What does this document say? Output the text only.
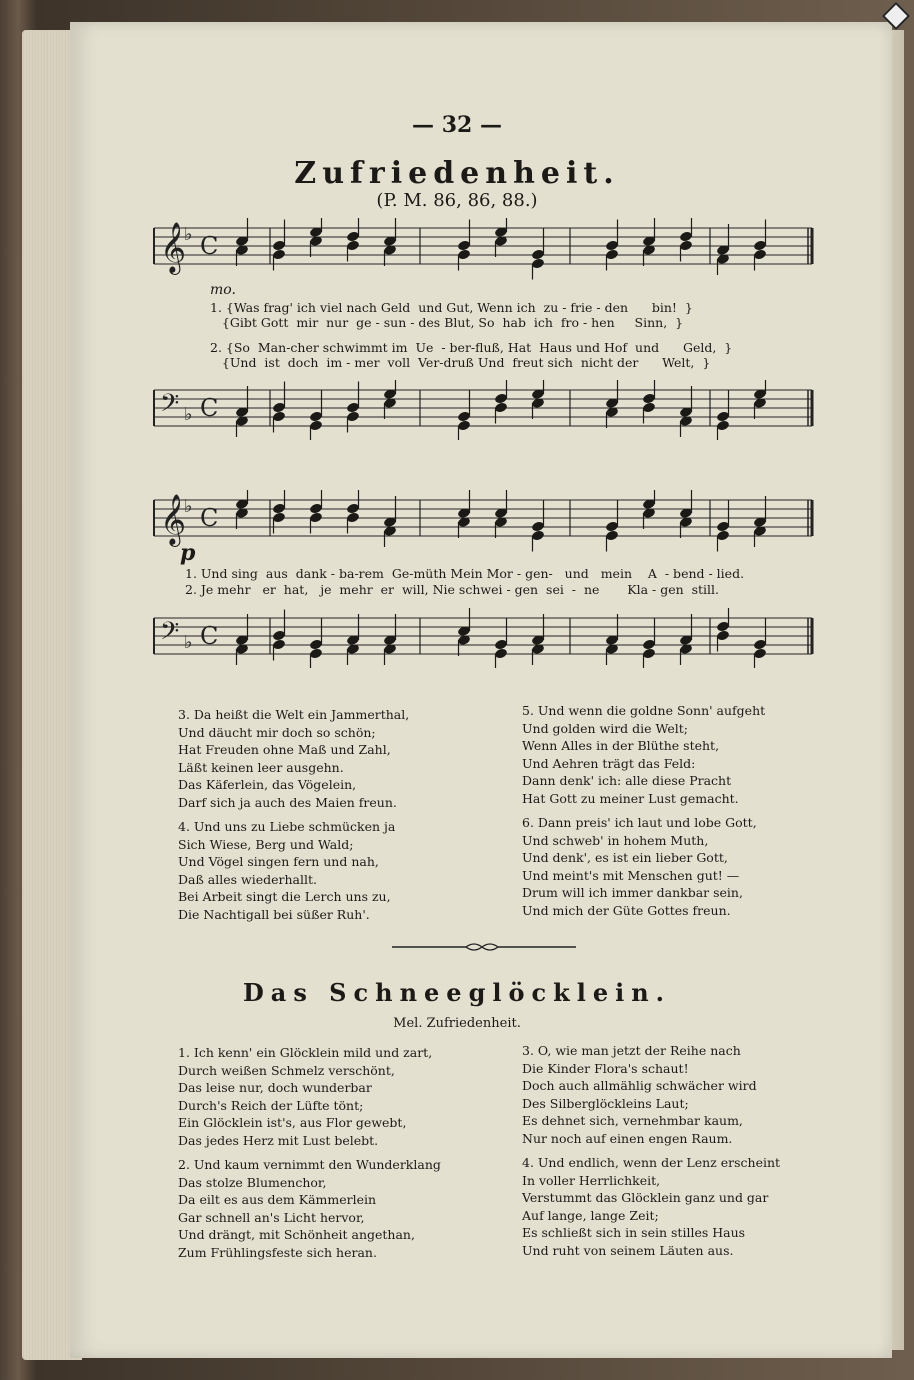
— 32 —
Zufriedenheit.
(P. M. 86, 86, 88.)
𝄞
♭ C
mo.
1. {Was frag' ich viel nach Geld  und Gut, Wenn ich  zu - frie - den      bin!  }
{Gibt Gott  mir  nur  ge - sun - des Blut, So  hab  ich  fro - hen     Sinn,  }
2. {So  Man-cher schwimmt im  Ue  - ber-fluß, Hat  Haus und Hof  und      Geld,  }
{Und  ist  doch  im - mer  voll  Ver-druß Und  freut sich  nicht der      Welt,  }
𝄢 ♭ C
𝄞
♭ C
p
1. Und sing  aus  dank - ba-rem  Ge-müth Mein Mor - gen-   und   mein    A  - bend - lied.
2. Je mehr   er  hat,   je  mehr  er  will, Nie schwei - gen  sei  -  ne       Kla - gen  still.
𝄢 ♭ C
3. Da heißt die Welt ein Jammerthal,
Und däucht mir doch so schön;
Hat Freuden ohne Maß und Zahl,
Läßt keinen leer ausgehn.
Das Käferlein, das Vögelein,
Darf sich ja auch des Maien freun.
4. Und uns zu Liebe schmücken ja
Sich Wiese, Berg und Wald;
Und Vögel singen fern und nah,
Daß alles wiederhallt.
Bei Arbeit singt die Lerch uns zu,
Die Nachtigall bei süßer Ruh'.
5. Und wenn die goldne Sonn' aufgeht
Und golden wird die Welt;
Wenn Alles in der Blüthe steht,
Und Aehren trägt das Feld:
Dann denk' ich: alle diese Pracht
Hat Gott zu meiner Lust gemacht.
6. Dann preis' ich laut und lobe Gott,
Und schweb' in hohem Muth,
Und denk', es ist ein lieber Gott,
Und meint's mit Menschen gut! —
Drum will ich immer dankbar sein,
Und mich der Güte Gottes freun.
Das Schneeglöcklein.
Mel. Zufriedenheit.
1. Ich kenn' ein Glöcklein mild und zart,
Durch weißen Schmelz verschönt,
Das leise nur, doch wunderbar
Durch's Reich der Lüfte tönt;
Ein Glöcklein ist's, aus Flor gewebt,
Das jedes Herz mit Lust belebt.
2. Und kaum vernimmt den Wunderklang
Das stolze Blumenchor,
Da eilt es aus dem Kämmerlein
Gar schnell an's Licht hervor,
Und drängt, mit Schönheit angethan,
Zum Frühlingsfeste sich heran.
3. O, wie man jetzt der Reihe nach
Die Kinder Flora's schaut!
Doch auch allmählig schwächer wird
Des Silberglöckleins Laut;
Es dehnet sich, vernehmbar kaum,
Nur noch auf einen engen Raum.
4. Und endlich, wenn der Lenz erscheint
In voller Herrlichkeit,
Verstummt das Glöcklein ganz und gar
Auf lange, lange Zeit;
Es schließt sich in sein stilles Haus
Und ruht von seinem Läuten aus.
